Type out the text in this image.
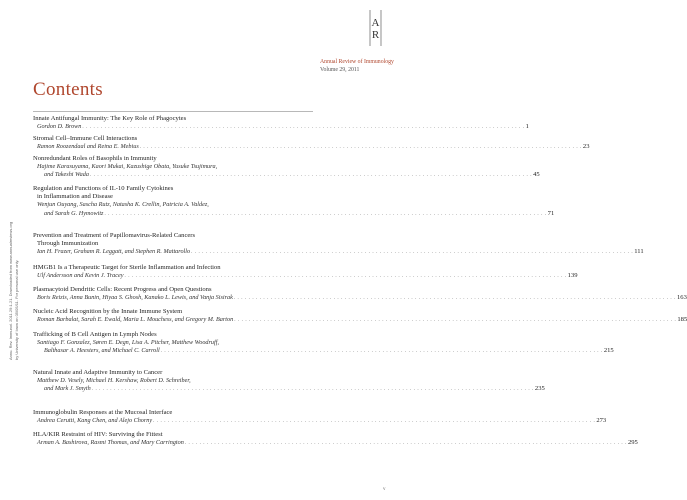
A
R
Annual Review of Immunology
Volume 29, 2011
Contents
Annu. Rev. Immunol. 2011.29:1-21. Downloaded from www.annualreviews.org by University of Iowa on 05/05/11. For personal use only.
Innate Antifungal Immunity: The Key Role of Phagocytes
Gordon D. Brown . . . . . . . . . . . . . . . . . . . . . . . . . . . . . . . . . . . . . . . . . . . . . . . . . . . . . . . . . . . . . . . . . . . . . . . . . . . . . . . . . . . . . . . . . . . . . . . . . . . . . . . . . . . . . . . . . . . . . . . . 1
Stromal Cell–Immune Cell Interactions
Ramon Roozendaal and Reina E. Mebius . . . . . . . . . . . . . . . . . . . . . . . . . . . . . . . . . . . . . . . . . . . . . . . . . . . . . . . . . . . . . . . . . . . . . . . . . . . . . . . . . . . . . . . . . . . . . . . . . . . . . . . . . . . . . . . . . . . . . . . . 23
Nonredundant Roles of Basophils in Immunity
Hajime Karasuyama, Kaori Mukai, Kazushige Obata, Yusuke Tsujimura,
and Takeshi Wada . . . . . . . . . . . . . . . . . . . . . . . . . . . . . . . . . . . . . . . . . . . . . . . . . . . . . . . . . . . . . . . . . . . . . . . . . . . . . . . . . . . . . . . . . . . . . . . . . . . . . . . . . . . . . . . . . . . . . . . . 45
Regulation and Functions of IL-10 Family Cytokines
in Inflammation and Disease
Wenjun Ouyang, Sascha Rutz, Natasha K. Crellin, Patricia A. Valdez,
and Sarah G. Hymowitz . . . . . . . . . . . . . . . . . . . . . . . . . . . . . . . . . . . . . . . . . . . . . . . . . . . . . . . . . . . . . . . . . . . . . . . . . . . . . . . . . . . . . . . . . . . . . . . . . . . . . . . . . . . . . . . . . . . . . . . . 71
Prevention and Treatment of Papillomavirus-Related Cancers
Through Immunization
Ian H. Frazer, Graham R. Leggatt, and Stephen R. Mattarollo . . . . . . . . . . . . . . . . . . . . . . . . . . . . . . . . . . . . . . . . . . . . . . . . . . . . . . . . . . . . . . . . . . . . . . . . . . . . . . . . . . . . . . . . . . . . . . . . . . . . . . . . . . . . . . . . . . . . . . . . 111
HMGB1 Is a Therapeutic Target for Sterile Inflammation and Infection
Ulf Andersson and Kevin J. Tracey . . . . . . . . . . . . . . . . . . . . . . . . . . . . . . . . . . . . . . . . . . . . . . . . . . . . . . . . . . . . . . . . . . . . . . . . . . . . . . . . . . . . . . . . . . . . . . . . . . . . . . . . . . . . . . . . . . . . . . . . 139
Plasmacytoid Dendritic Cells: Recent Progress and Open Questions
Boris Reizis, Anna Bunin, Hiyaa S. Ghosh, Kanako L. Lewis, and Vanja Sisirak . . . . . . . . . . . . . . . . . . . . . . . . . . . . . . . . . . . . . . . . . . . . . . . . . . . . . . . . . . . . . . . . . . . . . . . . . . . . . . . . . . . . . . . . . . . . . . . . . . . . . . . . . . . . . . . . . . . . . . . . 163
Nucleic Acid Recognition by the Innate Immune System
Roman Barbalat, Sarah E. Ewald, Maria L. Mouchess, and Gregory M. Barton . . . . . . . . . . . . . . . . . . . . . . . . . . . . . . . . . . . . . . . . . . . . . . . . . . . . . . . . . . . . . . . . . . . . . . . . . . . . . . . . . . . . . . . . . . . . . . . . . . . . . . . . . . . . . . . . . . . . . . . . 185
Trafficking of B Cell Antigen in Lymph Nodes
Santiago F. Gonzalez, Søren E. Degn, Lisa A. Pitcher, Matthew Woodruff,
Balthasar A. Heesters, and Michael C. Carroll . . . . . . . . . . . . . . . . . . . . . . . . . . . . . . . . . . . . . . . . . . . . . . . . . . . . . . . . . . . . . . . . . . . . . . . . . . . . . . . . . . . . . . . . . . . . . . . . . . . . . . . . . . . . . . . . . . . . . . . . 215
Natural Innate and Adaptive Immunity to Cancer
Matthew D. Vesely, Michael H. Kershaw, Robert D. Schreiber,
and Mark J. Smyth . . . . . . . . . . . . . . . . . . . . . . . . . . . . . . . . . . . . . . . . . . . . . . . . . . . . . . . . . . . . . . . . . . . . . . . . . . . . . . . . . . . . . . . . . . . . . . . . . . . . . . . . . . . . . . . . . . . . . . . . 235
Immunoglobulin Responses at the Mucosal Interface
Andrea Cerutti, Kang Chen, and Alejo Chorny . . . . . . . . . . . . . . . . . . . . . . . . . . . . . . . . . . . . . . . . . . . . . . . . . . . . . . . . . . . . . . . . . . . . . . . . . . . . . . . . . . . . . . . . . . . . . . . . . . . . . . . . . . . . . . . . . . . . . . . . 273
HLA/KIR Restraint of HIV: Surviving the Fittest
Arman A. Bashirova, Rasmi Thomas, and Mary Carrington . . . . . . . . . . . . . . . . . . . . . . . . . . . . . . . . . . . . . . . . . . . . . . . . . . . . . . . . . . . . . . . . . . . . . . . . . . . . . . . . . . . . . . . . . . . . . . . . . . . . . . . . . . . . . . . . . . . . . . . . 295
v
